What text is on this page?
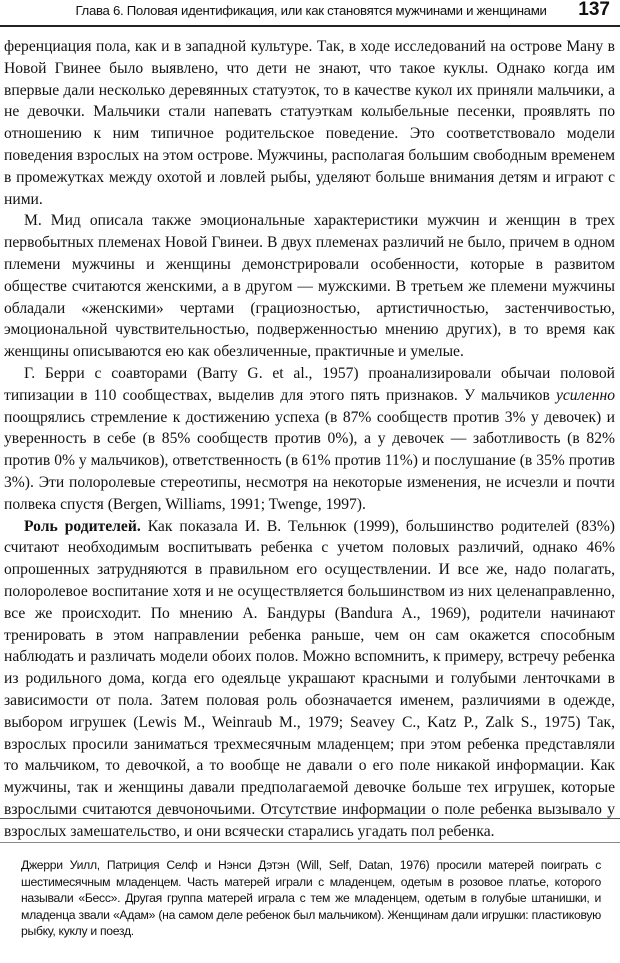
Глава 6. Половая идентификация, или как становятся мужчинами и женщинами	137

ференциация пола, как и в западной культуре. Так, в ходе исследований на острове Ману в Новой Гвинее было выявлено, что дети не знают, что такое куклы. Однако когда им впервые дали несколько деревянных статуэток, то в качестве кукол их приняли мальчики, а не девочки. Мальчики стали напевать статуэткам колыбельные песенки, проявлять по отношению к ним типичное родительское поведение. Это соответствовало модели поведения взрослых на этом острове. Мужчины, располагая большим свободным временем в промежутках между охотой и ловлей рыбы, уделяют больше внимания детям и играют с ними.

М. Мид описала также эмоциональные характеристики мужчин и женщин в трех первобытных племенах Новой Гвинеи. В двух племенах различий не было, причем в одном племени мужчины и женщины демонстрировали особенности, которые в развитом обществе считаются женскими, а в другом — мужскими. В третьем же племени мужчины обладали «женскими» чертами (грациозностью, артистичностью, застенчивостью, эмоциональной чувствительностью, подверженностью мнению других), в то время как женщины описываются ею как обезличенные, практичные и умелые.

Г. Берри с соавторами (Barry G. et al., 1957) проанализировали обычаи половой типизации в 110 сообществах, выделив для этого пять признаков. У мальчиков усиленно поощрялись стремление к достижению успеха (в 87% сообществ против 3% у девочек) и уверенность в себе (в 85% сообществ против 0%), а у девочек — заботливость (в 82% против 0% у мальчиков), ответственность (в 61% против 11%) и послушание (в 35% против 3%). Эти полоролевые стереотипы, несмотря на некоторые изменения, не исчезли и почти полвека спустя (Bergen, Williams, 1991; Twenge, 1997).

Роль родителей. Как показала И. В. Тельнюк (1999), большинство родителей (83%) считают необходимым воспитывать ребенка с учетом половых различий, однако 46% опрошенных затрудняются в правильном его осуществлении. И все же, надо полагать, полоролевое воспитание хотя и не осуществляется большинством из них целенаправленно, все же происходит. По мнению А. Бандуры (Bandura A., 1969), родители начинают тренировать в этом направлении ребенка раньше, чем он сам окажется способным наблюдать и различать модели обоих полов. Можно вспомнить, к примеру, встречу ребенка из родильного дома, когда его одеяльце украшают красными и голубыми ленточками в зависимости от пола. Затем половая роль обозначается именем, различиями в одежде, выбором игрушек (Lewis M., Weinraub M., 1979; Seavey C., Katz P., Zalk S., 1975) Так, взрослых просили заниматься трехмесячным младенцем; при этом ребенка представляли то мальчиком, то девочкой, а то вообще не давали о его поле никакой информации. Как мужчины, так и женщины давали предполагаемой девочке больше тех игрушек, которые взрослыми считаются девчоночьими. Отсутствие информации о поле ребенка вызывало у взрослых замешательство, и они всячески старались угадать пол ребенка.

Джерри Уилл, Патриция Селф и Нэнси Дэтэн (Will, Self, Datan, 1976) просили матерей поиграть с шестимесячным младенцем. Часть матерей играли с младенцем, одетым в розовое платье, которого называли «Бесс». Другая группа матерей играла с тем же младенцем, одетым в голубые штанишки, и младенца звали «Адам» (на самом деле ребенок был мальчиком). Женщинам дали игрушки: пластиковую рыбку, куклу и поезд.
